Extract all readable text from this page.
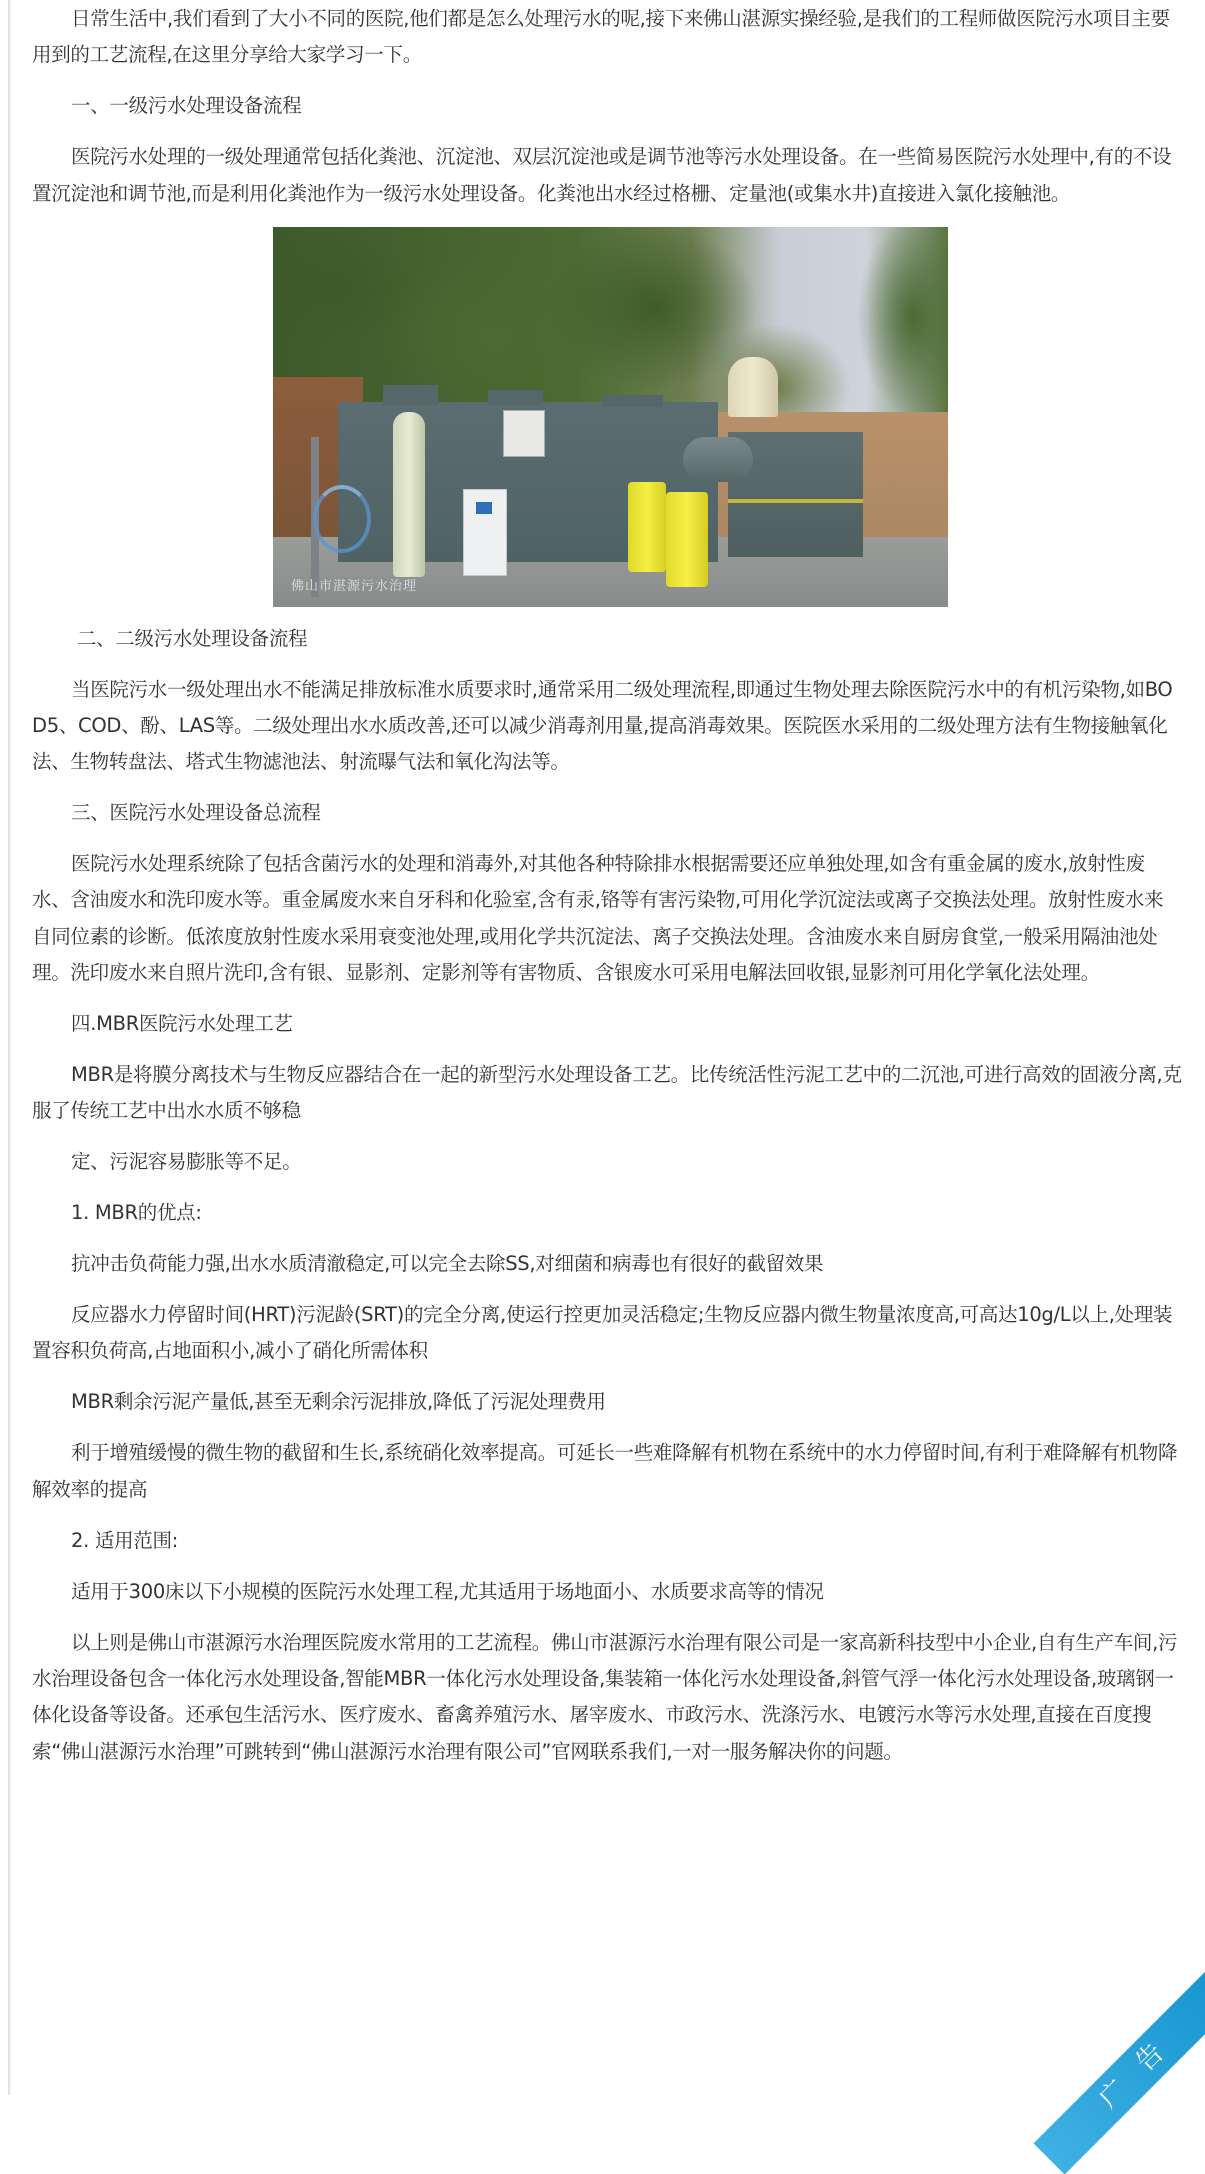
日常生活中,我们看到了大小不同的医院,他们都是怎么处理污水的呢,接下来佛山湛源实操经验,是我们的工程师做医院污水项目主要用到的工艺流程,在这里分享给大家学习一下。

一、一级污水处理设备流程

医院污水处理的一级处理通常包括化粪池、沉淀池、双层沉淀池或是调节池等污水处理设备。在一些简易医院污水处理中,有的不设置沉淀池和调节池,而是利用化粪池作为一级污水处理设备。化粪池出水经过格栅、定量池(或集水井)直接进入氯化接触池。

佛山市湛源污水治理

二、二级污水处理设备流程

当医院污水一级处理出水不能满足排放标准水质要求时,通常采用二级处理流程,即通过生物处理去除医院污水中的有机污染物,如BOD5、COD、酚、LAS等。二级处理出水水质改善,还可以减少消毒剂用量,提高消毒效果。医院医水采用的二级处理方法有生物接触氧化法、生物转盘法、塔式生物滤池法、射流曝气法和氧化沟法等。

三、医院污水处理设备总流程

医院污水处理系统除了包括含菌污水的处理和消毒外,对其他各种特除排水根据需要还应单独处理,如含有重金属的废水,放射性废水、含油废水和洗印废水等。重金属废水来自牙科和化验室,含有汞,铬等有害污染物,可用化学沉淀法或离子交换法处理。放射性废水来自同位素的诊断。低浓度放射性废水采用衰变池处理,或用化学共沉淀法、离子交换法处理。含油废水来自厨房食堂,一般采用隔油池处理。洗印废水来自照片洗印,含有银、显影剂、定影剂等有害物质、含银废水可采用电解法回收银,显影剂可用化学氧化法处理。

四.MBR医院污水处理工艺

MBR是将膜分离技术与生物反应器结合在一起的新型污水处理设备工艺。比传统活性污泥工艺中的二沉池,可进行高效的固液分离,克服了传统工艺中出水水质不够稳

定、污泥容易膨胀等不足。

1. MBR的优点:

抗冲击负荷能力强,出水水质清澈稳定,可以完全去除SS,对细菌和病毒也有很好的截留效果

反应器水力停留时间(HRT)污泥龄(SRT)的完全分离,使运行控更加灵活稳定;生物反应器内微生物量浓度高,可高达10g/L以上,处理装置容积负荷高,占地面积小,减小了硝化所需体积

MBR剩余污泥产量低,甚至无剩余污泥排放,降低了污泥处理费用

利于增殖缓慢的微生物的截留和生长,系统硝化效率提高。可延长一些难降解有机物在系统中的水力停留时间,有利于难降解有机物降解效率的提高

2. 适用范围:

适用于300床以下小规模的医院污水处理工程,尤其适用于场地面小、水质要求高等的情况

以上则是佛山市湛源污水治理医院废水常用的工艺流程。佛山市湛源污水治理有限公司是一家高新科技型中小企业,自有生产车间,污水治理设备包含一体化污水处理设备,智能MBR一体化污水处理设备,集装箱一体化污水处理设备,斜管气浮一体化污水处理设备,玻璃钢一体化设备等设备。还承包生活污水、医疗废水、畜禽养殖污水、屠宰废水、市政污水、洗涤污水、电镀污水等污水处理,直接在百度搜索“佛山湛源污水治理”可跳转到“佛山湛源污水治理有限公司”官网联系我们,一对一服务解决你的问题。

广告
